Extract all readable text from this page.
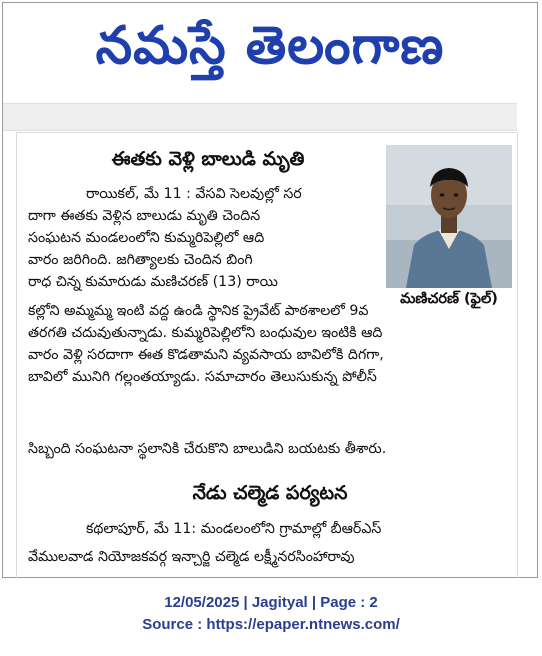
నమస్తే తెలంగాణ
ఈతకు వెళ్లి బాలుడి మృతి
రాయికల్, మే 11 : వేసవి సెలవుల్లో సర
దాగా ఈతకు వెళ్లిన బాలుడు మృతి చెందిన
సంఘటన మండలంలోని కుమ్మరిపెల్లిలో ఆది
వారం జరిగింది. జగిత్యాలకు చెందిన బింగి
రాధ చిన్న కుమారుడు మణిచరణ్ (13) రాయి
కల్లోని అమ్మమ్మ ఇంటి వద్ద ఉండి స్థానిక ప్రైవేట్ పాఠశాలలో 9వ
తరగతి చదువుతున్నాడు. కుమ్మరిపెల్లిలోని బంధువుల ఇంటికి ఆది
వారం వెళ్లి సరదాగా ఈత కొడతామని వ్యవసాయ బావిలోకి దిగగా,
బావిలో మునిగి గల్లంతయ్యాడు. సమాచారం తెలుసుకున్న పోలీస్
సిబ్బంది సంఘటనా స్థలానికి చేరుకొని బాలుడిని బయటకు తీశారు.
మణిచరణ్ (ఫైల్)
నేడు చల్మెడ పర్యటన
కథలాపూర్, మే 11: మండలంలోని గ్రామాల్లో బీఆర్ఎస్
వేములవాడ నియోజకవర్గ ఇన్చార్జి చల్మెడ లక్ష్మీనరసింహారావు
12/05/2025 | Jagityal | Page : 2
Source : https://epaper.ntnews.com/
